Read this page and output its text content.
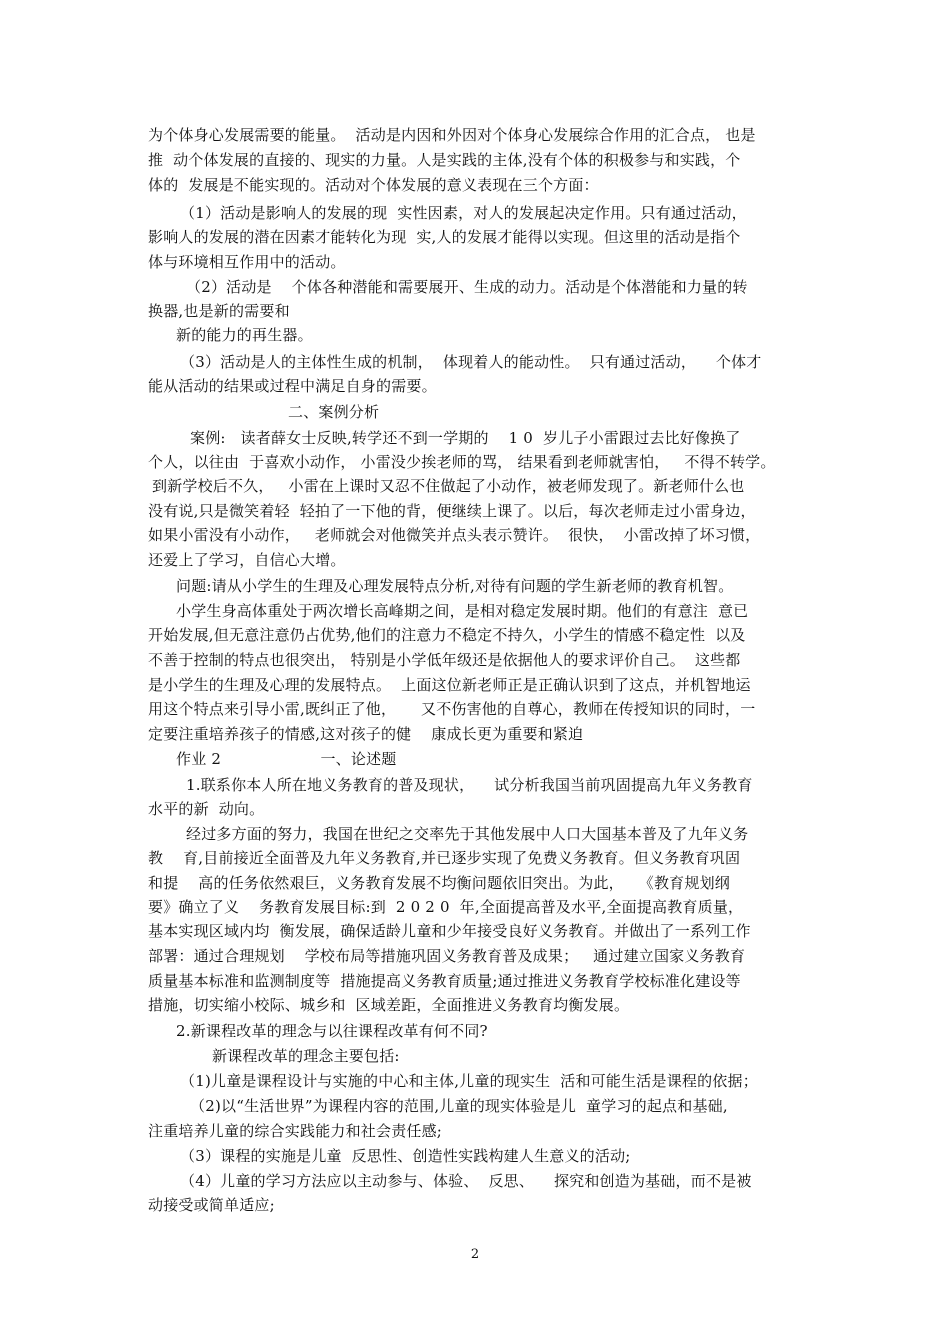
为个体身心发展需要的能量。  活动是内因和外因对个体身心发展综合作用的汇合点， 也是
推  动个体发展的直接的、现实的力量。人是实践的主体,没有个体的积极参与和实践，个
体的  发展是不能实现的。活动对个体发展的意义表现在三个方面：
（1）活动是影响人的发展的现  实性因素，对人的发展起决定作用。只有通过活动，
影响人的发展的潜在因素才能转化为现  实,人的发展才能得以实现。但这里的活动是指个
体与环境相互作用中的活动。
（2）活动是    个体各种潜能和需要展开、生成的动力。活动是个体潜能和力量的转
换器,也是新的需要和
新的能力的再生器。
（3）活动是人的主体性生成的机制，  体现着人的能动性。  只有通过活动，    个体才
能从活动的结果或过程中满足自身的需要。
二、案例分析
案例:   读者薛女士反映,转学还不到一学期的    1 0  岁儿子小雷跟过去比好像换了
个人，以往由  于喜欢小动作， 小雷没少挨老师的骂， 结果看到老师就害怕，   不得不转学。
到新学校后不久，   小雷在上课时又忍不住做起了小动作，被老师发现了。新老师什么也
没有说,只是微笑着轻  轻拍了一下他的背，便继续上课了。以后，每次老师走过小雷身边，
如果小雷没有小动作，   老师就会对他微笑并点头表示赞许。  很快，  小雷改掉了坏习惯，
还爱上了学习，自信心大增。
问题:请从小学生的生理及心理发展特点分析,对待有问题的学生新老师的教育机智。
小学生身高体重处于两次增长高峰期之间，是相对稳定发展时期。他们的有意注  意已
开始发展,但无意注意仍占优势,他们的注意力不稳定不持久，小学生的情感不稳定性  以及
不善于控制的特点也很突出， 特别是小学低年级还是依据他人的要求评价自己。  这些都
是小学生的生理及心理的发展特点。  上面这位新老师正是正确认识到了这点，并机智地运
用这个特点来引导小雷,既纠正了他，     又不伤害他的自尊心，教师在传授知识的同时，一
定要注重培养孩子的情感,这对孩子的健    康成长更为重要和紧迫
作业 2                    一、论述题
1.联系你本人所在地义务教育的普及现状，    试分析我国当前巩固提高九年义务教育
水平的新  动向。
经过多方面的努力，我国在世纪之交率先于其他发展中人口大国基本普及了九年义务
教    育,目前接近全面普及九年义务教育,并已逐步实现了免费义务教育。但义务教育巩固
和提    高的任务依然艰巨，义务教育发展不均衡问题依旧突出。为此，   《教育规划纲
要》确立了义    务教育发展目标:到  2 0 2 0  年,全面提高普及水平,全面提高教育质量，
基本实现区域内均  衡发展，确保适龄儿童和少年接受良好义务教育。并做出了一系列工作
部署：通过合理规划    学校布局等措施巩固义务教育普及成果；   通过建立国家义务教育
质量基本标准和监测制度等  措施提高义务教育质量;通过推进义务教育学校标准化建设等
措施，切实缩小校际、城乡和  区域差距，全面推进义务教育均衡发展。
2.新课程改革的理念与以往课程改革有何不同?
新课程改革的理念主要包括:
（1)儿童是课程设计与实施的中心和主体,儿童的现实生  活和可能生活是课程的依据；
（2)以“生活世界”为课程内容的范围,儿童的现实体验是儿  童学习的起点和基础,
注重培养儿童的综合实践能力和社会责任感;
（3）课程的实施是儿童  反思性、创造性实践构建人生意义的活动;
（4）儿童的学习方法应以主动参与、体验、  反思、    探究和创造为基础，而不是被
动接受或简单适应;
2
